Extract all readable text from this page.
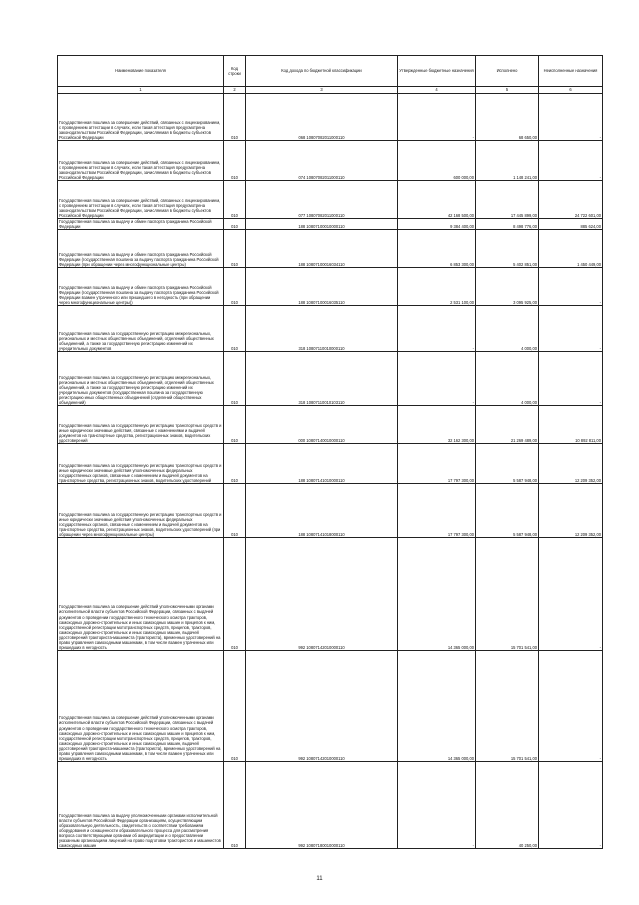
Наименование показателя	Код строки	Код дохода по бюджетной классификации	Утвержденные бюджетные назначения	Исполнено	Неисполненные назначения
1	2	3	4	5	6
Государственная пошлина за совершение действий, связанных с лицензированием, с проведением аттестации в случаях, если такая аттестация предусмотрена законодательством Российской Федерации, зачисляемая в бюджеты субъектов Российской Федерации	010	068 10807082011000110	-	68 650,00	-
Государственная пошлина за совершение действий, связанных с лицензированием, с проведением аттестации в случаях, если такая аттестация предусмотрена законодательством Российской Федерации, зачисляемая в бюджеты субъектов Российской Федерации	010	074 10807082011000110	600 000,00	1 148 241,00	-
Государственная пошлина за совершение действий, связанных с лицензированием, с проведением аттестации в случаях, если такая аттестация предусмотрена законодательством Российской Федерации, зачисляемая в бюджеты субъектов Российской Федерации	010	077 10807082011000110	42 168 500,00	17 445 899,00	24 722 601,00
Государственная пошлина за выдачу и обмен паспорта гражданина Российской Федерации	010	188 10807100010000110	9 384 400,00	8 498 776,00	885 624,00
Государственная пошлина за выдачу и обмен паспорта гражданина Российской Федерации (государственная пошлина за выдачу паспорта гражданина Российской Федерации (при обращении через многофункциональные центры)	010	188 10807100016034110	6 853 300,00	5 402 851,00	1 450 449,00
Государственная пошлина за выдачу и обмен паспорта гражданина Российской Федерации (государственная пошлина за выдачу паспорта гражданина Российской Федерации взамен утраченного или пришедшего в негодность (при обращении через многофункциональные центры))	010	188 10807100016035110	2 531 100,00	3 095 925,00	-
Государственная пошлина за государственную регистрацию межрегиональных, региональных и местных общественных объединений, отделений общественных объединений, а также за государственную регистрацию изменений их учредительных документов	010	318 10807110010000110	-	4 000,00	-
Государственная пошлина за государственную регистрацию межрегиональных, региональных и местных общественных объединений, отделений общественных объединений, а также за государственную регистрацию изменений их учредительных документов (государственная пошлина за государственную регистрацию иных общественных объединений (отделений общественных объединений)	010	318 10807110010103110	-	4 000,00	-
Государственная пошлина за государственную регистрацию транспортных средств и иные юридически значимые действия, связанные с изменениями и выдачей документов на транспортные средства, регистрационных знаков, водительских удостоверений	010	000 10807140010000110	32 162 300,00	21 269 489,00	10 892 811,00
Государственная пошлина за государственную регистрацию транспортных средств и иные юридически значимые действия уполномоченных федеральных государственных органов, связанные с изменением и выдачей документов на транспортные средства, регистрационных знаков, водительских удостоверений	010	188 10807141010000110	17 797 300,00	5 587 948,00	12 209 352,00
Государственная пошлина за государственную регистрацию транспортных средств и иные юридически значимые действия уполномоченных федеральных государственных органов, связанные с изменением и выдачей документов на транспортные средства, регистрационных знаков, водительских удостоверений (при обращении через многофункциональные центры)	010	188 10807141018000110	17 797 300,00	5 587 948,00	12 209 352,00
Государственная пошлина за совершение действий уполномоченными органами исполнительной власти субъектов Российской Федерации, связанных с выдачей документов о проведении государственного технического осмотра тракторов, самоходных дорожно-строительных и иных самоходных машин и прицепов к ним, государственной регистрации мототранспортных средств, прицепов, тракторов, самоходных дорожно-строительных и иных самоходных машин, выдачей удостоверений тракториста-машиниста (тракториста), временных удостоверений на право управления самоходными машинами, в том числе взамен утраченных или пришедших в негодность	010	992 10807142010000110	14 365 000,00	15 701 541,00	-
Государственная пошлина за совершение действий уполномоченными органами исполнительной власти субъектов Российской Федерации, связанных с выдачей документов о проведении государственного технического осмотра тракторов, самоходных дорожно-строительных и иных самоходных машин и прицепов к ним, государственной регистрации мототранспортных средств, прицепов, тракторов, самоходных дорожно-строительных и иных самоходных машин, выдачей удостоверений тракториста-машиниста (тракториста), временных удостоверений на право управления самоходными машинами, в том числе взамен утраченных или пришедших в негодность	010	992 10807142010000110	14 365 000,00	15 701 541,00	-
Государственная пошлина за выдачу уполномоченными органами исполнительной власти субъектов Российской Федерации организациям, осуществляющим образовательную деятельность, свидетельств о соответствии требованиям оборудования и оснащенности образовательного процесса для рассмотрения вопроса соответствующими органами об аккредитации и о предоставлении указанным организациям лицензий на право подготовки трактористов и машинистов самоходных машин	010	992 10807180010000110	-	40 250,00	-
11
